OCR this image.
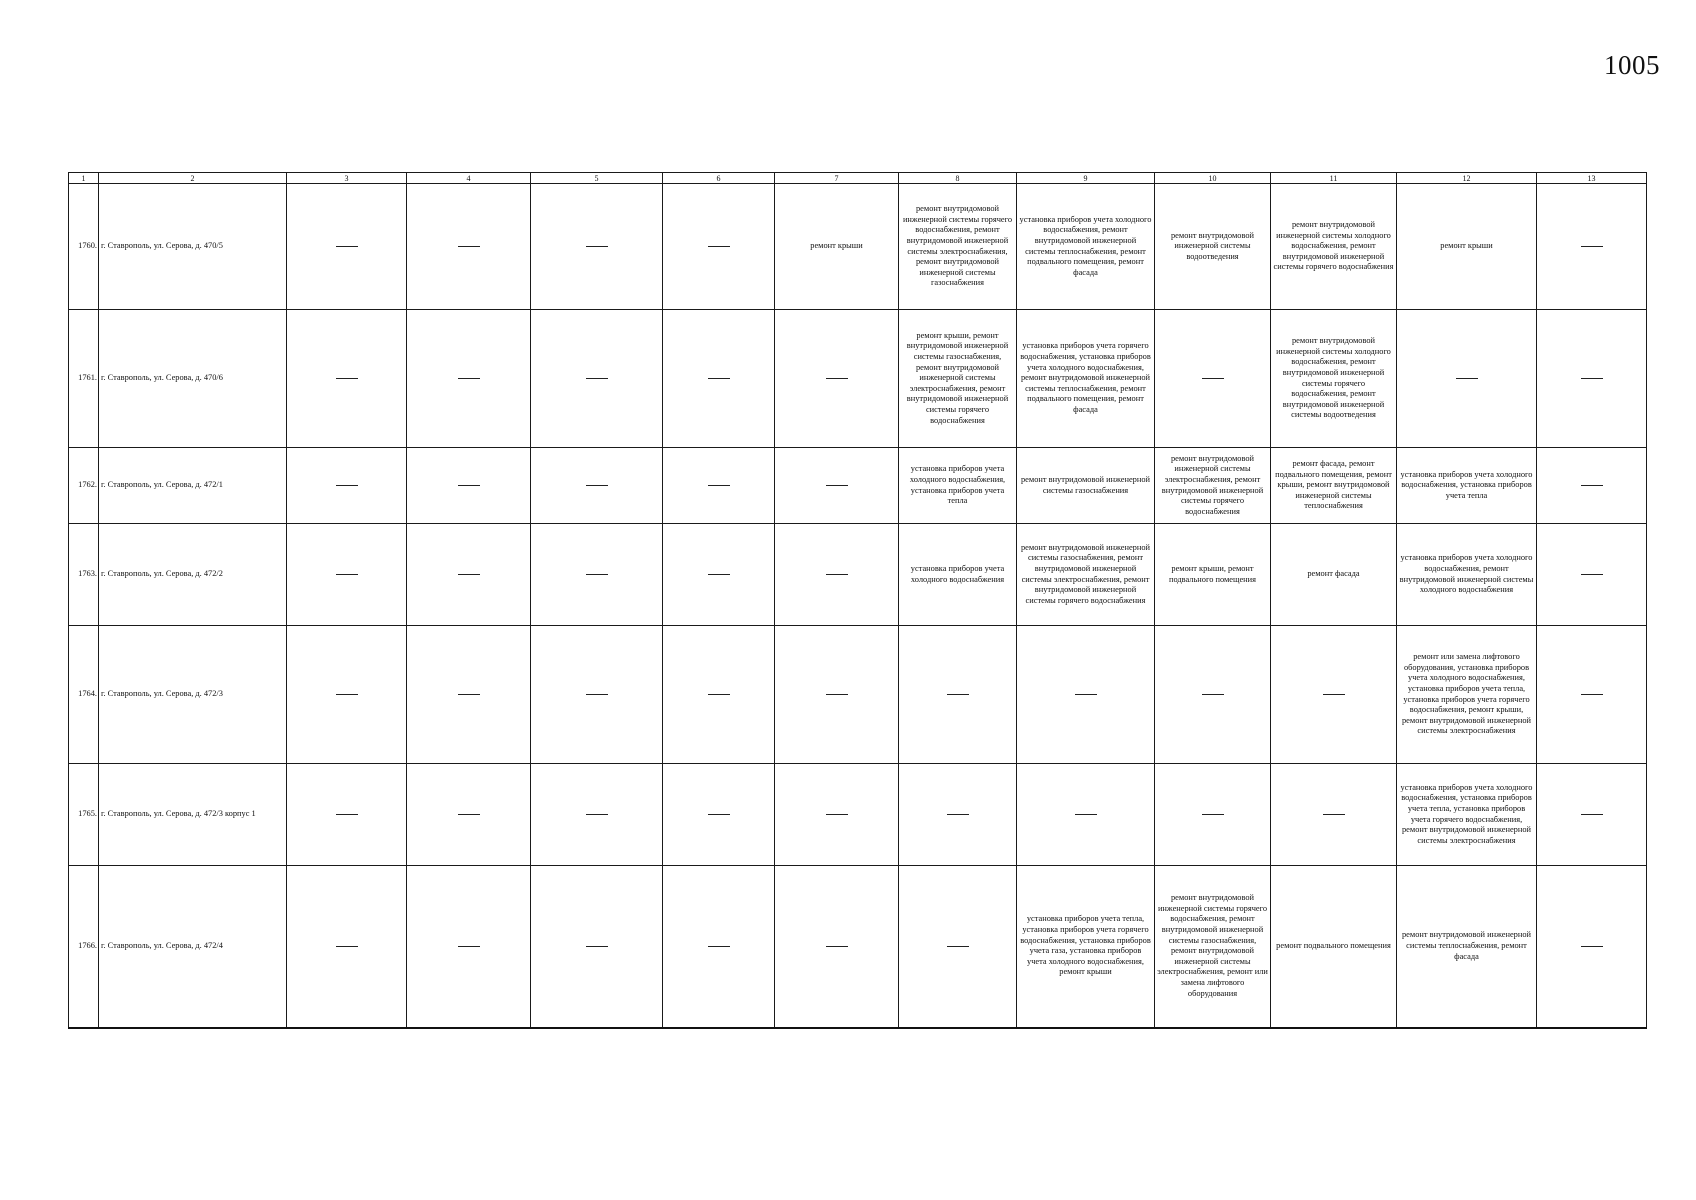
1005
1	2	3	4	5	6	7	8	9	10	11	12	13
1760.	г. Ставрополь, ул. Серова, д. 470/5					ремонт крыши	ремонт внутридомовой инженерной системы горячего водоснабжения, ремонт внутридомовой инженерной системы электроснабжения, ремонт внутридомовой инженерной системы газоснабжения	установка приборов учета холодного водоснабжения, ремонт внутридомовой инженерной системы теплоснабжения, ремонт подвального помещения, ремонт фасада	ремонт внутридомовой инженерной системы водоотведения	ремонт внутридомовой инженерной системы холодного водоснабжения, ремонт внутридомовой инженерной системы горячего водоснабжения	ремонт крыши	
1761.	г. Ставрополь, ул. Серова, д. 470/6						ремонт крыши, ремонт внутридомовой инженерной системы газоснабжения, ремонт внутридомовой инженерной системы электроснабжения, ремонт внутридомовой инженерной системы горячего водоснабжения	установка приборов учета горячего водоснабжения, установка приборов учета холодного водоснабжения, ремонт внутридомовой инженерной системы теплоснабжения, ремонт подвального помещения, ремонт фасада		ремонт внутридомовой инженерной системы холодного водоснабжения, ремонт внутридомовой инженерной системы горячего водоснабжения, ремонт внутридомовой инженерной системы водоотведения		
1762.	г. Ставрополь, ул. Серова, д. 472/1						установка приборов учета холодного водоснабжения, установка приборов учета тепла	ремонт внутридомовой инженерной системы газоснабжения	ремонт внутридомовой инженерной системы электроснабжения, ремонт внутридомовой инженерной системы горячего водоснабжения	ремонт фасада, ремонт подвального помещения, ремонт крыши, ремонт внутридомовой инженерной системы теплоснабжения	установка приборов учета холодного водоснабжения, установка приборов учета тепла	
1763.	г. Ставрополь, ул. Серова, д. 472/2						установка приборов учета холодного водоснабжения	ремонт внутридомовой инженерной системы газоснабжения, ремонт внутридомовой инженерной системы электроснабжения, ремонт внутридомовой инженерной системы горячего водоснабжения	ремонт крыши, ремонт подвального помещения	ремонт фасада	установка приборов учета холодного водоснабжения, ремонт внутридомовой инженерной системы холодного водоснабжения	
1764.	г. Ставрополь, ул. Серова, д. 472/3										ремонт или замена лифтового оборудования, установка приборов учета холодного водоснабжения, установка приборов учета тепла, установка приборов учета горячего водоснабжения, ремонт крыши, ремонт внутридомовой инженерной системы электроснабжения	
1765.	г. Ставрополь, ул. Серова, д. 472/3 корпус 1										установка приборов учета холодного водоснабжения, установка приборов учета тепла, установка приборов учета горячего водоснабжения, ремонт внутридомовой инженерной системы электроснабжения	
1766.	г. Ставрополь, ул. Серова, д. 472/4							установка приборов учета тепла, установка приборов учета горячего водоснабжения, установка приборов учета газа, установка приборов учета холодного водоснабжения, ремонт крыши	ремонт внутридомовой инженерной системы горячего водоснабжения, ремонт внутридомовой инженерной системы газоснабжения, ремонт внутридомовой инженерной системы электроснабжения, ремонт или замена лифтового оборудования	ремонт подвального помещения	ремонт внутридомовой инженерной системы теплоснабжения, ремонт фасада	
